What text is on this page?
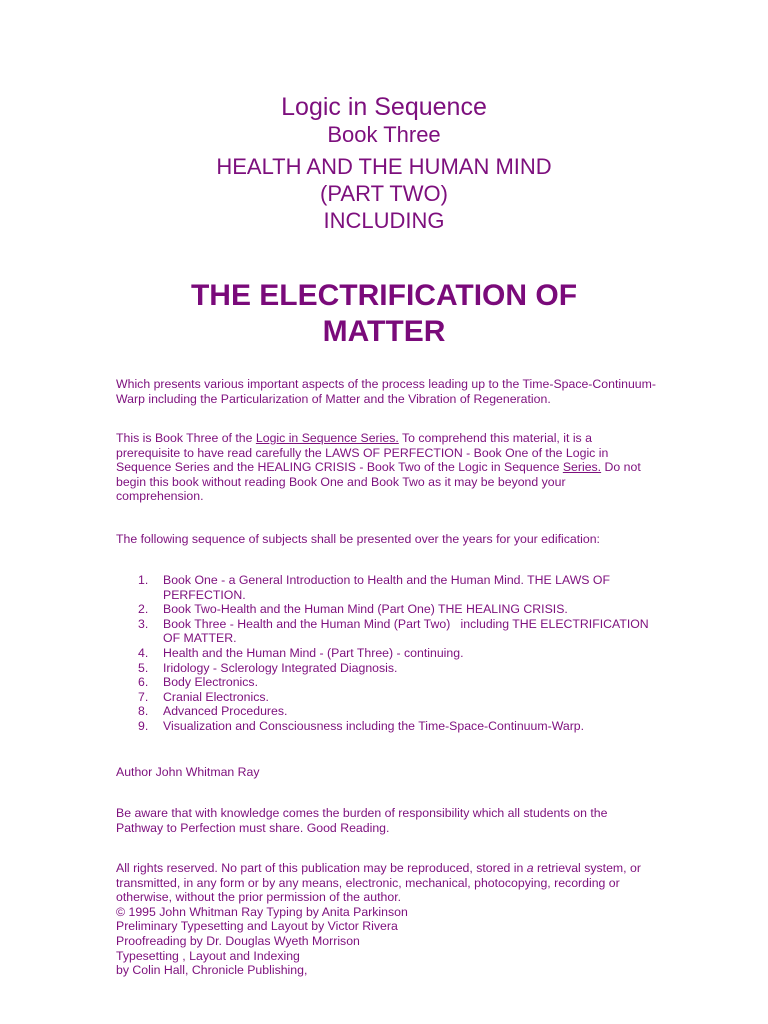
Logic in Sequence
Book Three
HEALTH AND THE HUMAN MIND
(PART TWO)
INCLUDING
THE ELECTRIFICATION OF
MATTER
Which presents various important aspects of the process leading up to the Time-Space-Continuum-Warp including the Particularization of Matter and the Vibration of Regeneration.
This is Book Three of the Logic in Sequence Series. To comprehend this material, it is a prerequisite to have read carefully the LAWS OF PERFECTION - Book One of the Logic in Sequence Series and the HEALING CRISIS - Book Two of the Logic in Sequence Series. Do not begin this book without reading Book One and Book Two as it may be beyond your comprehension.
The following sequence of subjects shall be presented over the years for your edification:
1.	Book One - a General Introduction to Health and the Human Mind. THE LAWS OF PERFECTION.
2.	Book Two-Health and the Human Mind (Part One) THE HEALING CRISIS.
3.	Book Three - Health and the Human Mind (Part Two)   including THE ELECTRIFICATION OF MATTER.
4.	Health and the Human Mind - (Part Three) - continuing.
5.	Iridology - Sclerology Integrated Diagnosis.
6.	Body Electronics.
7.	Cranial Electronics.
8.	Advanced Procedures.
9.	Visualization and Consciousness including the Time-Space-Continuum-Warp.
Author John Whitman Ray
Be aware that with knowledge comes the burden of responsibility which all students on the Pathway to Perfection must share. Good Reading.
All rights reserved. No part of this publication may be reproduced, stored in a retrieval system, or transmitted, in any form or by any means, electronic, mechanical, photocopying, recording or otherwise, without the prior permission of the author.
© 1995 John Whitman Ray Typing by Anita Parkinson
Preliminary Typesetting and Layout by Victor Rivera
Proofreading by Dr. Douglas Wyeth Morrison
Typesetting , Layout and Indexing
by Colin Hall, Chronicle Publishing,
